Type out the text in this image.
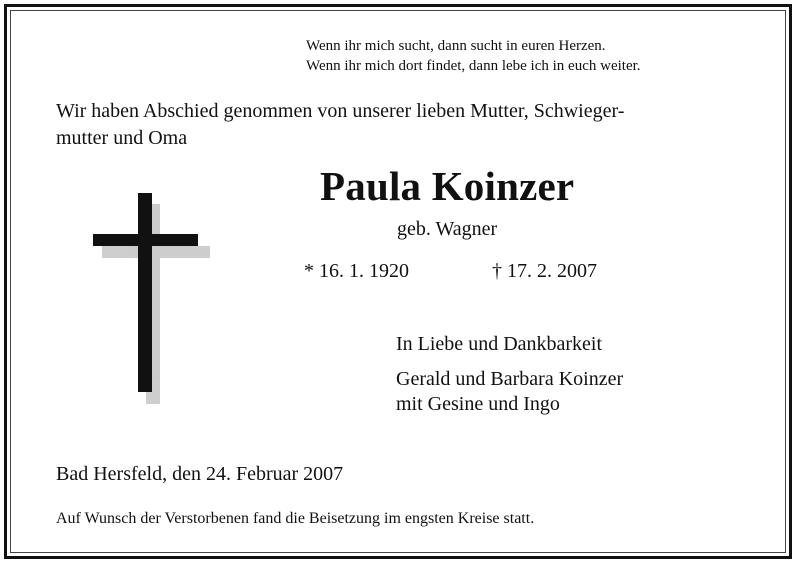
Wenn ihr mich sucht, dann sucht in euren Herzen.
Wenn ihr mich dort findet, dann lebe ich in euch weiter.
Wir haben Abschied genommen von unserer lieben Mutter, Schwieger-
mutter und Oma
Paula Koinzer
geb. Wagner
* 16. 1. 1920	† 17. 2. 2007
In Liebe und Dankbarkeit
Gerald und Barbara Koinzer
mit Gesine und Ingo
Bad Hersfeld, den 24. Februar 2007
Auf Wunsch der Verstorbenen fand die Beisetzung im engsten Kreise statt.
